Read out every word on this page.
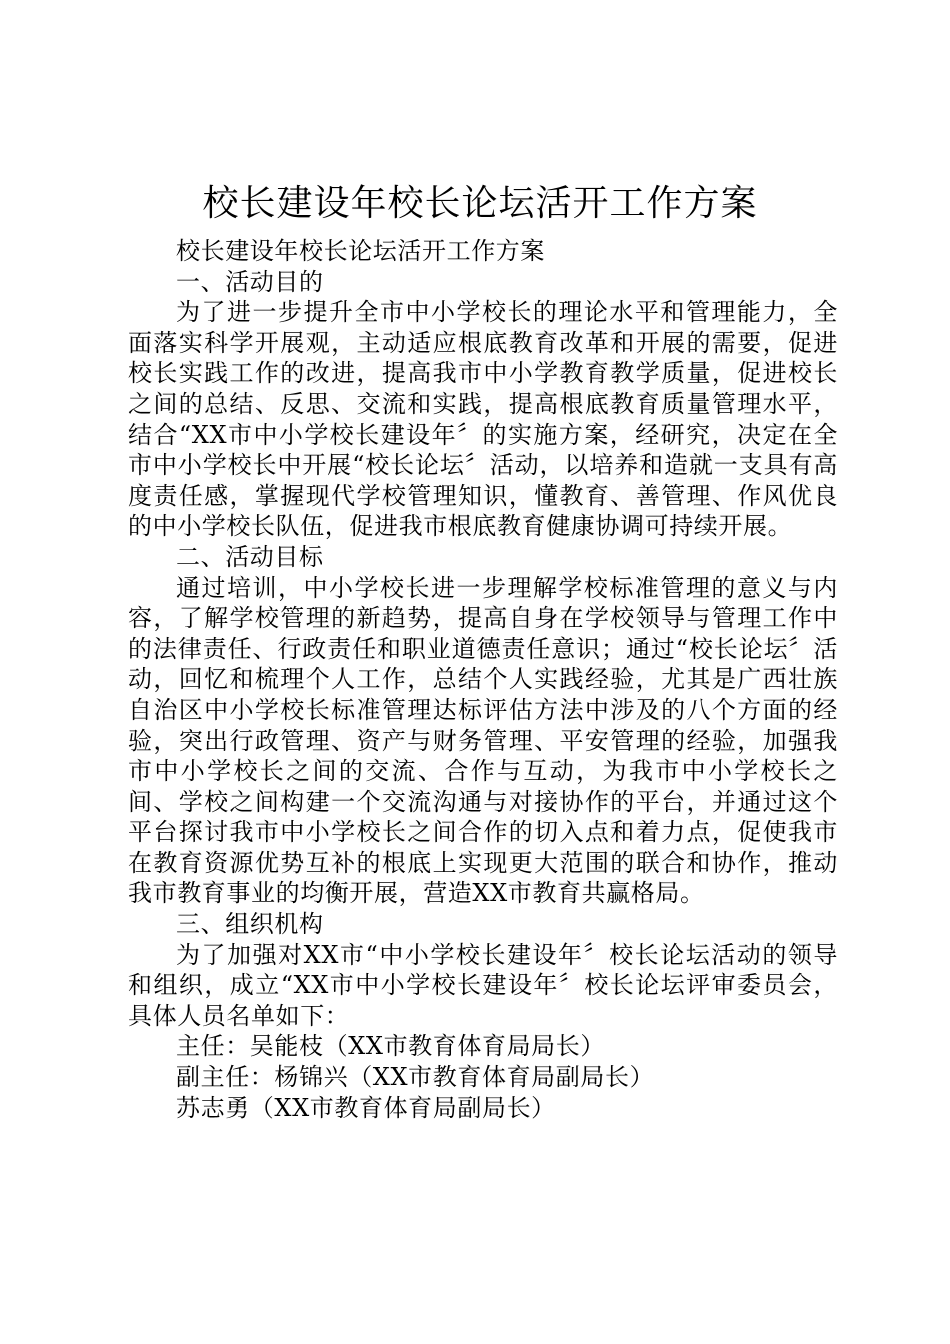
校长建设年校长论坛活开工作方案

校长建设年校长论坛活开工作方案

一、活动目的

为了进一步提升全市中小学校长的理论水平和管理能力，全面落实科学开展观，主动适应根底教育改革和开展的需要，促进校长实践工作的改进，提高我市中小学教育教学质量，促进校长之间的总结、反思、交流和实践，提高根底教育质量管理水平，结合“XX市中小学校长建设年〞的实施方案，经研究，决定在全市中小学校长中开展“校长论坛〞活动，以培养和造就一支具有高度责任感，掌握现代学校管理知识，懂教育、善管理、作风优良的中小学校长队伍，促进我市根底教育健康协调可持续开展。

二、活动目标

通过培训，中小学校长进一步理解学校标准管理的意义与内容，了解学校管理的新趋势，提高自身在学校领导与管理工作中的法律责任、行政责任和职业道德责任意识；通过“校长论坛〞活动，回忆和梳理个人工作，总结个人实践经验，尤其是广西壮族自治区中小学校长标准管理达标评估方法中涉及的八个方面的经验，突出行政管理、资产与财务管理、平安管理的经验，加强我市中小学校长之间的交流、合作与互动，为我市中小学校长之间、学校之间构建一个交流沟通与对接协作的平台，并通过这个平台探讨我市中小学校长之间合作的切入点和着力点，促使我市在教育资源优势互补的根底上实现更大范围的联合和协作，推动我市教育事业的均衡开展，营造XX市教育共赢格局。

三、组织机构

为了加强对XX市“中小学校长建设年〞校长论坛活动的领导和组织，成立“XX市中小学校长建设年〞校长论坛评审委员会，具体人员名单如下：

主任：吴能枝（XX市教育体育局局长）

副主任：杨锦兴（XX市教育体育局副局长）

苏志勇（XX市教育体育局副局长）
